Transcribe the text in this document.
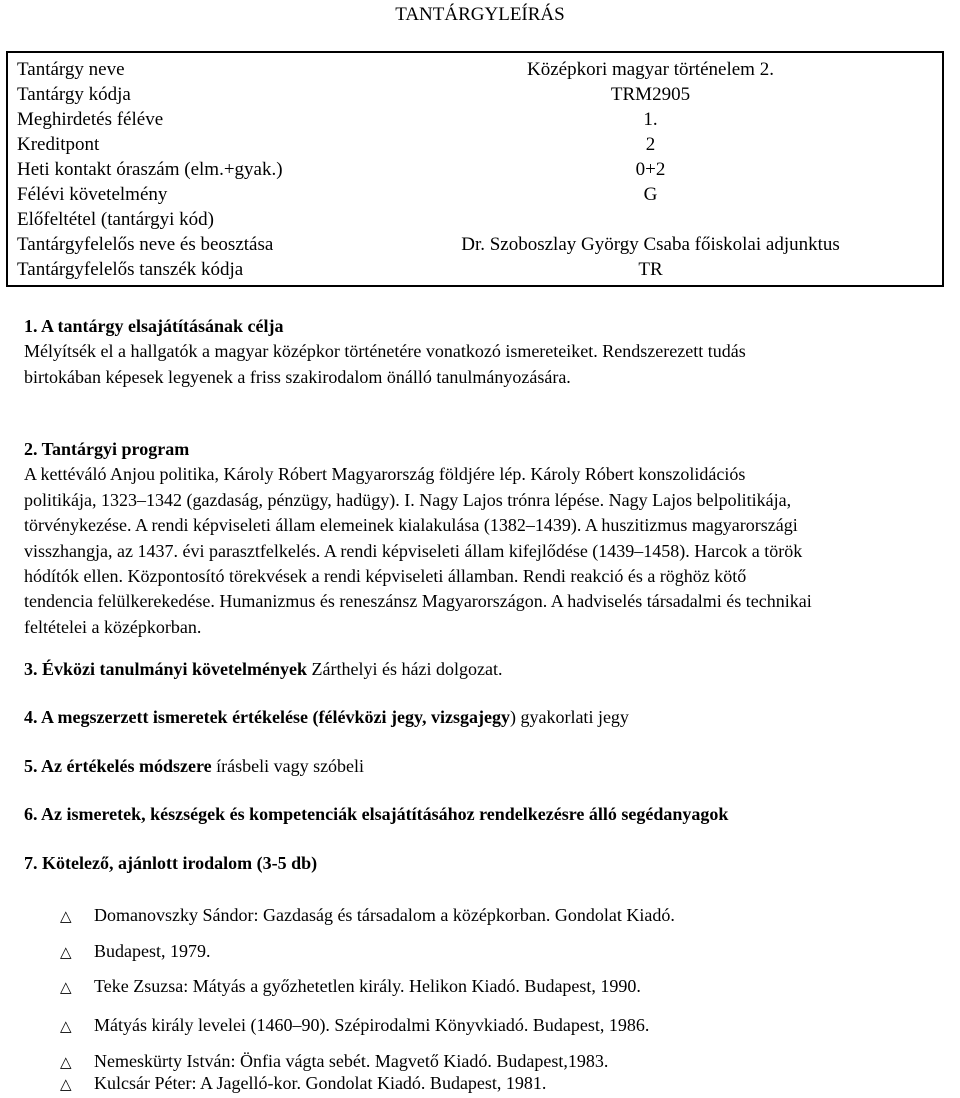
TANTÁRGYLEÍRÁS
Tantárgy neve	Középkori magyar történelem 2.
Tantárgy kódja	TRM2905
Meghirdetés féléve	1.
Kreditpont	2
Heti kontakt óraszám (elm.+gyak.)	0+2
Félévi követelmény	G
Előfeltétel (tantárgyi kód)
Tantárgyfelelős neve és beosztása	Dr. Szoboszlay György Csaba főiskolai adjunktus
Tantárgyfelelős tanszék kódja	TR
1. A tantárgy elsajátításának célja
Mélyítsék el a hallgatók a magyar középkor történetére vonatkozó ismereteiket. Rendszerezett tudás
birtokában képesek legyenek a friss szakirodalom önálló tanulmányozására.
2. Tantárgyi program
A kettéváló Anjou politika, Károly Róbert Magyarország földjére lép. Károly Róbert konszolidációs
politikája, 1323–1342 (gazdaság, pénzügy, hadügy). I. Nagy Lajos trónra lépése. Nagy Lajos belpolitikája,
törvénykezése. A rendi képviseleti állam elemeinek kialakulása (1382–1439). A huszitizmus magyarországi
visszhangja, az 1437. évi parasztfelkelés. A rendi képviseleti állam kifejlődése (1439–1458). Harcok a török
hódítók ellen. Központosító törekvések a rendi képviseleti államban. Rendi reakció és a röghöz kötő
tendencia felülkerekedése. Humanizmus és reneszánsz Magyarországon. A hadviselés társadalmi és technikai
feltételei a középkorban.
3. Évközi tanulmányi követelmények Zárthelyi és házi dolgozat.
4. A megszerzett ismeretek értékelése (félévközi jegy, vizsgajegy) gyakorlati jegy
5. Az értékelés módszere írásbeli vagy szóbeli
6. Az ismeretek, készségek és kompetenciák elsajátításához rendelkezésre álló segédanyagok
7. Kötelező, ajánlott irodalom (3-5 db)
△ Domanovszky Sándor: Gazdaság és társadalom a középkorban. Gondolat Kiadó.
△ Budapest, 1979.
△ Teke Zsuzsa: Mátyás a győzhetetlen király. Helikon Kiadó. Budapest, 1990.
△ Mátyás király levelei (1460–90). Szépirodalmi Könyvkiadó. Budapest, 1986.
△ Nemeskürty István: Önfia vágta sebét. Magvető Kiadó. Budapest,1983.
△ Kulcsár Péter: A Jagelló-kor. Gondolat Kiadó. Budapest, 1981.
